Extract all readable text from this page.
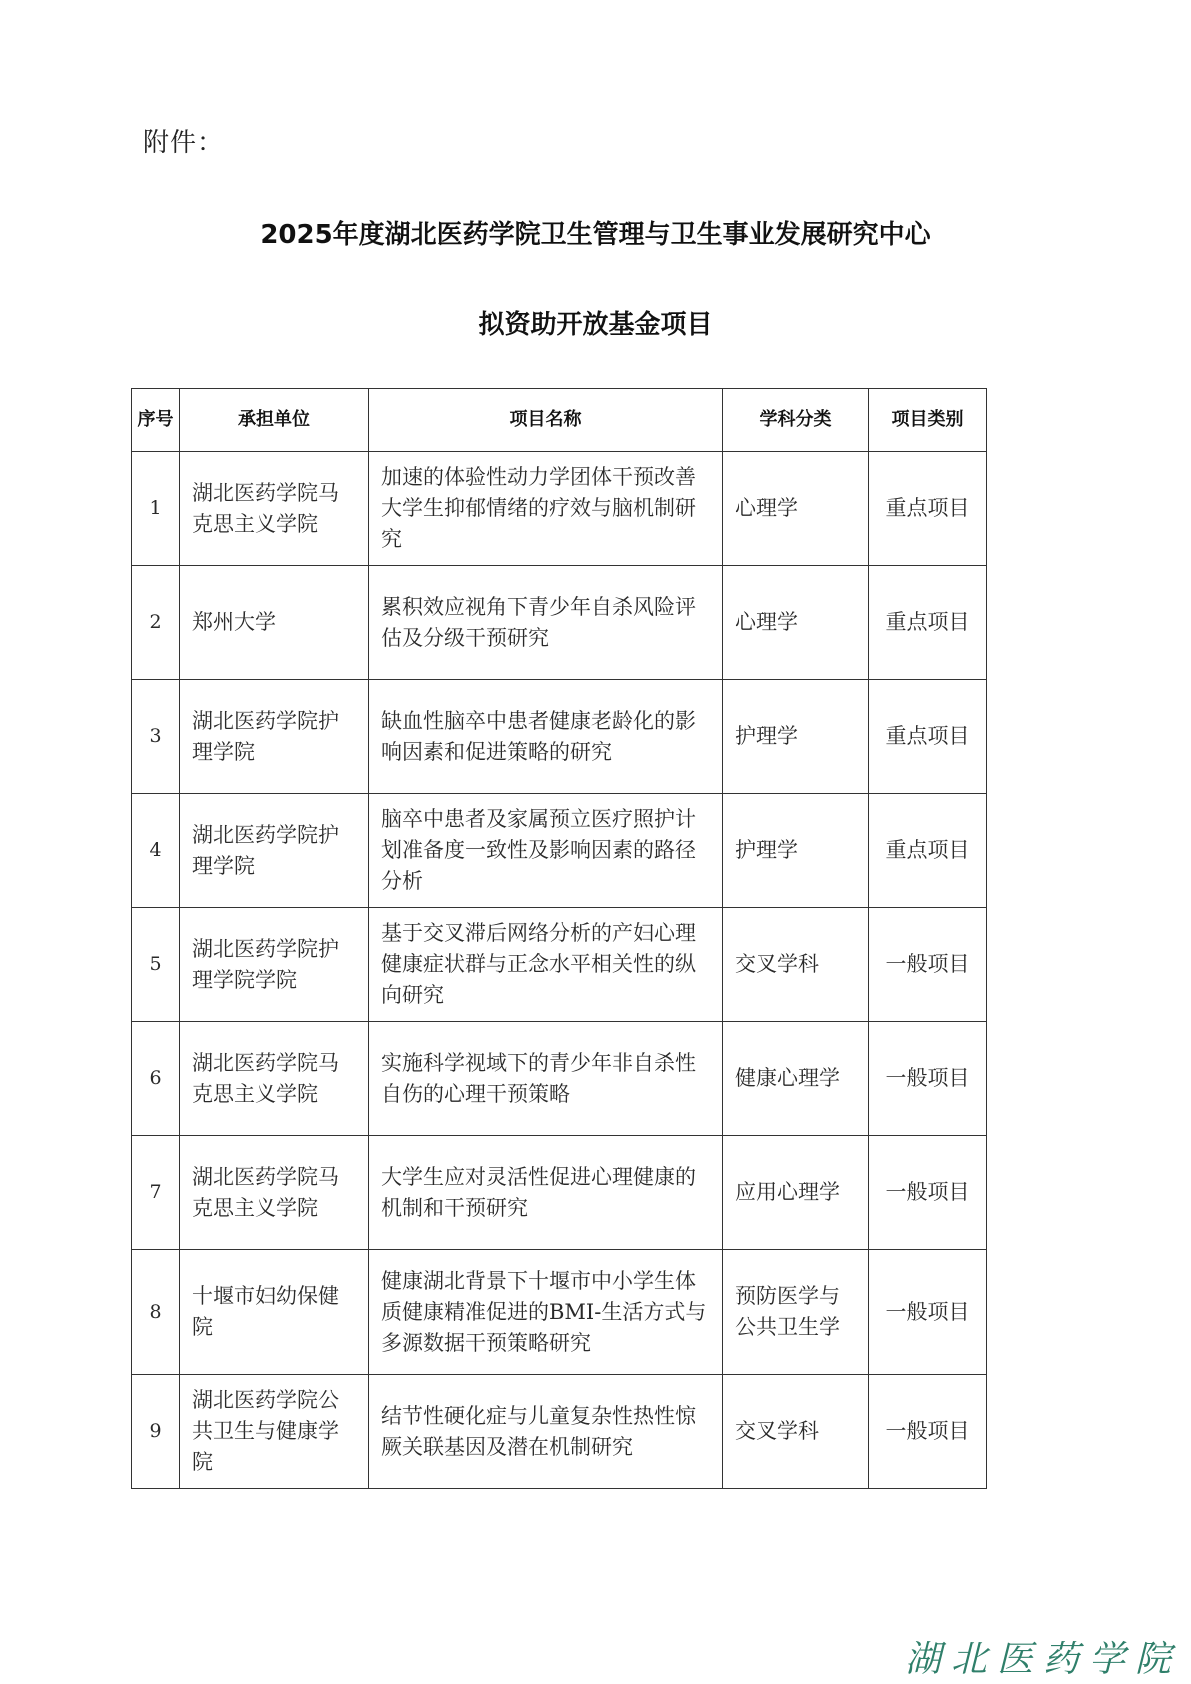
附件：
2025年度湖北医药学院卫生管理与卫生事业发展研究中心
拟资助开放基金项目
序号	承担单位	项目名称	学科分类	项目类别
1	湖北医药学院马克思主义学院	加速的体验性动力学团体干预改善大学生抑郁情绪的疗效与脑机制研究	心理学	重点项目
2	郑州大学	累积效应视角下青少年自杀风险评估及分级干预研究	心理学	重点项目
3	湖北医药学院护理学院	缺血性脑卒中患者健康老龄化的影响因素和促进策略的研究	护理学	重点项目
4	湖北医药学院护理学院	脑卒中患者及家属预立医疗照护计划准备度一致性及影响因素的路径分析	护理学	重点项目
5	湖北医药学院护理学院学院	基于交叉滞后网络分析的产妇心理健康症状群与正念水平相关性的纵向研究	交叉学科	一般项目
6	湖北医药学院马克思主义学院	实施科学视域下的青少年非自杀性自伤的心理干预策略	健康心理学	一般项目
7	湖北医药学院马克思主义学院	大学生应对灵活性促进心理健康的机制和干预研究	应用心理学	一般项目
8	十堰市妇幼保健院	健康湖北背景下十堰市中小学生体质健康精准促进的BMI-生活方式与多源数据干预策略研究	预防医学与公共卫生学	一般项目
9	湖北医药学院公共卫生与健康学院	结节性硬化症与儿童复杂性热性惊厥关联基因及潜在机制研究	交叉学科	一般项目
湖北医药学院
